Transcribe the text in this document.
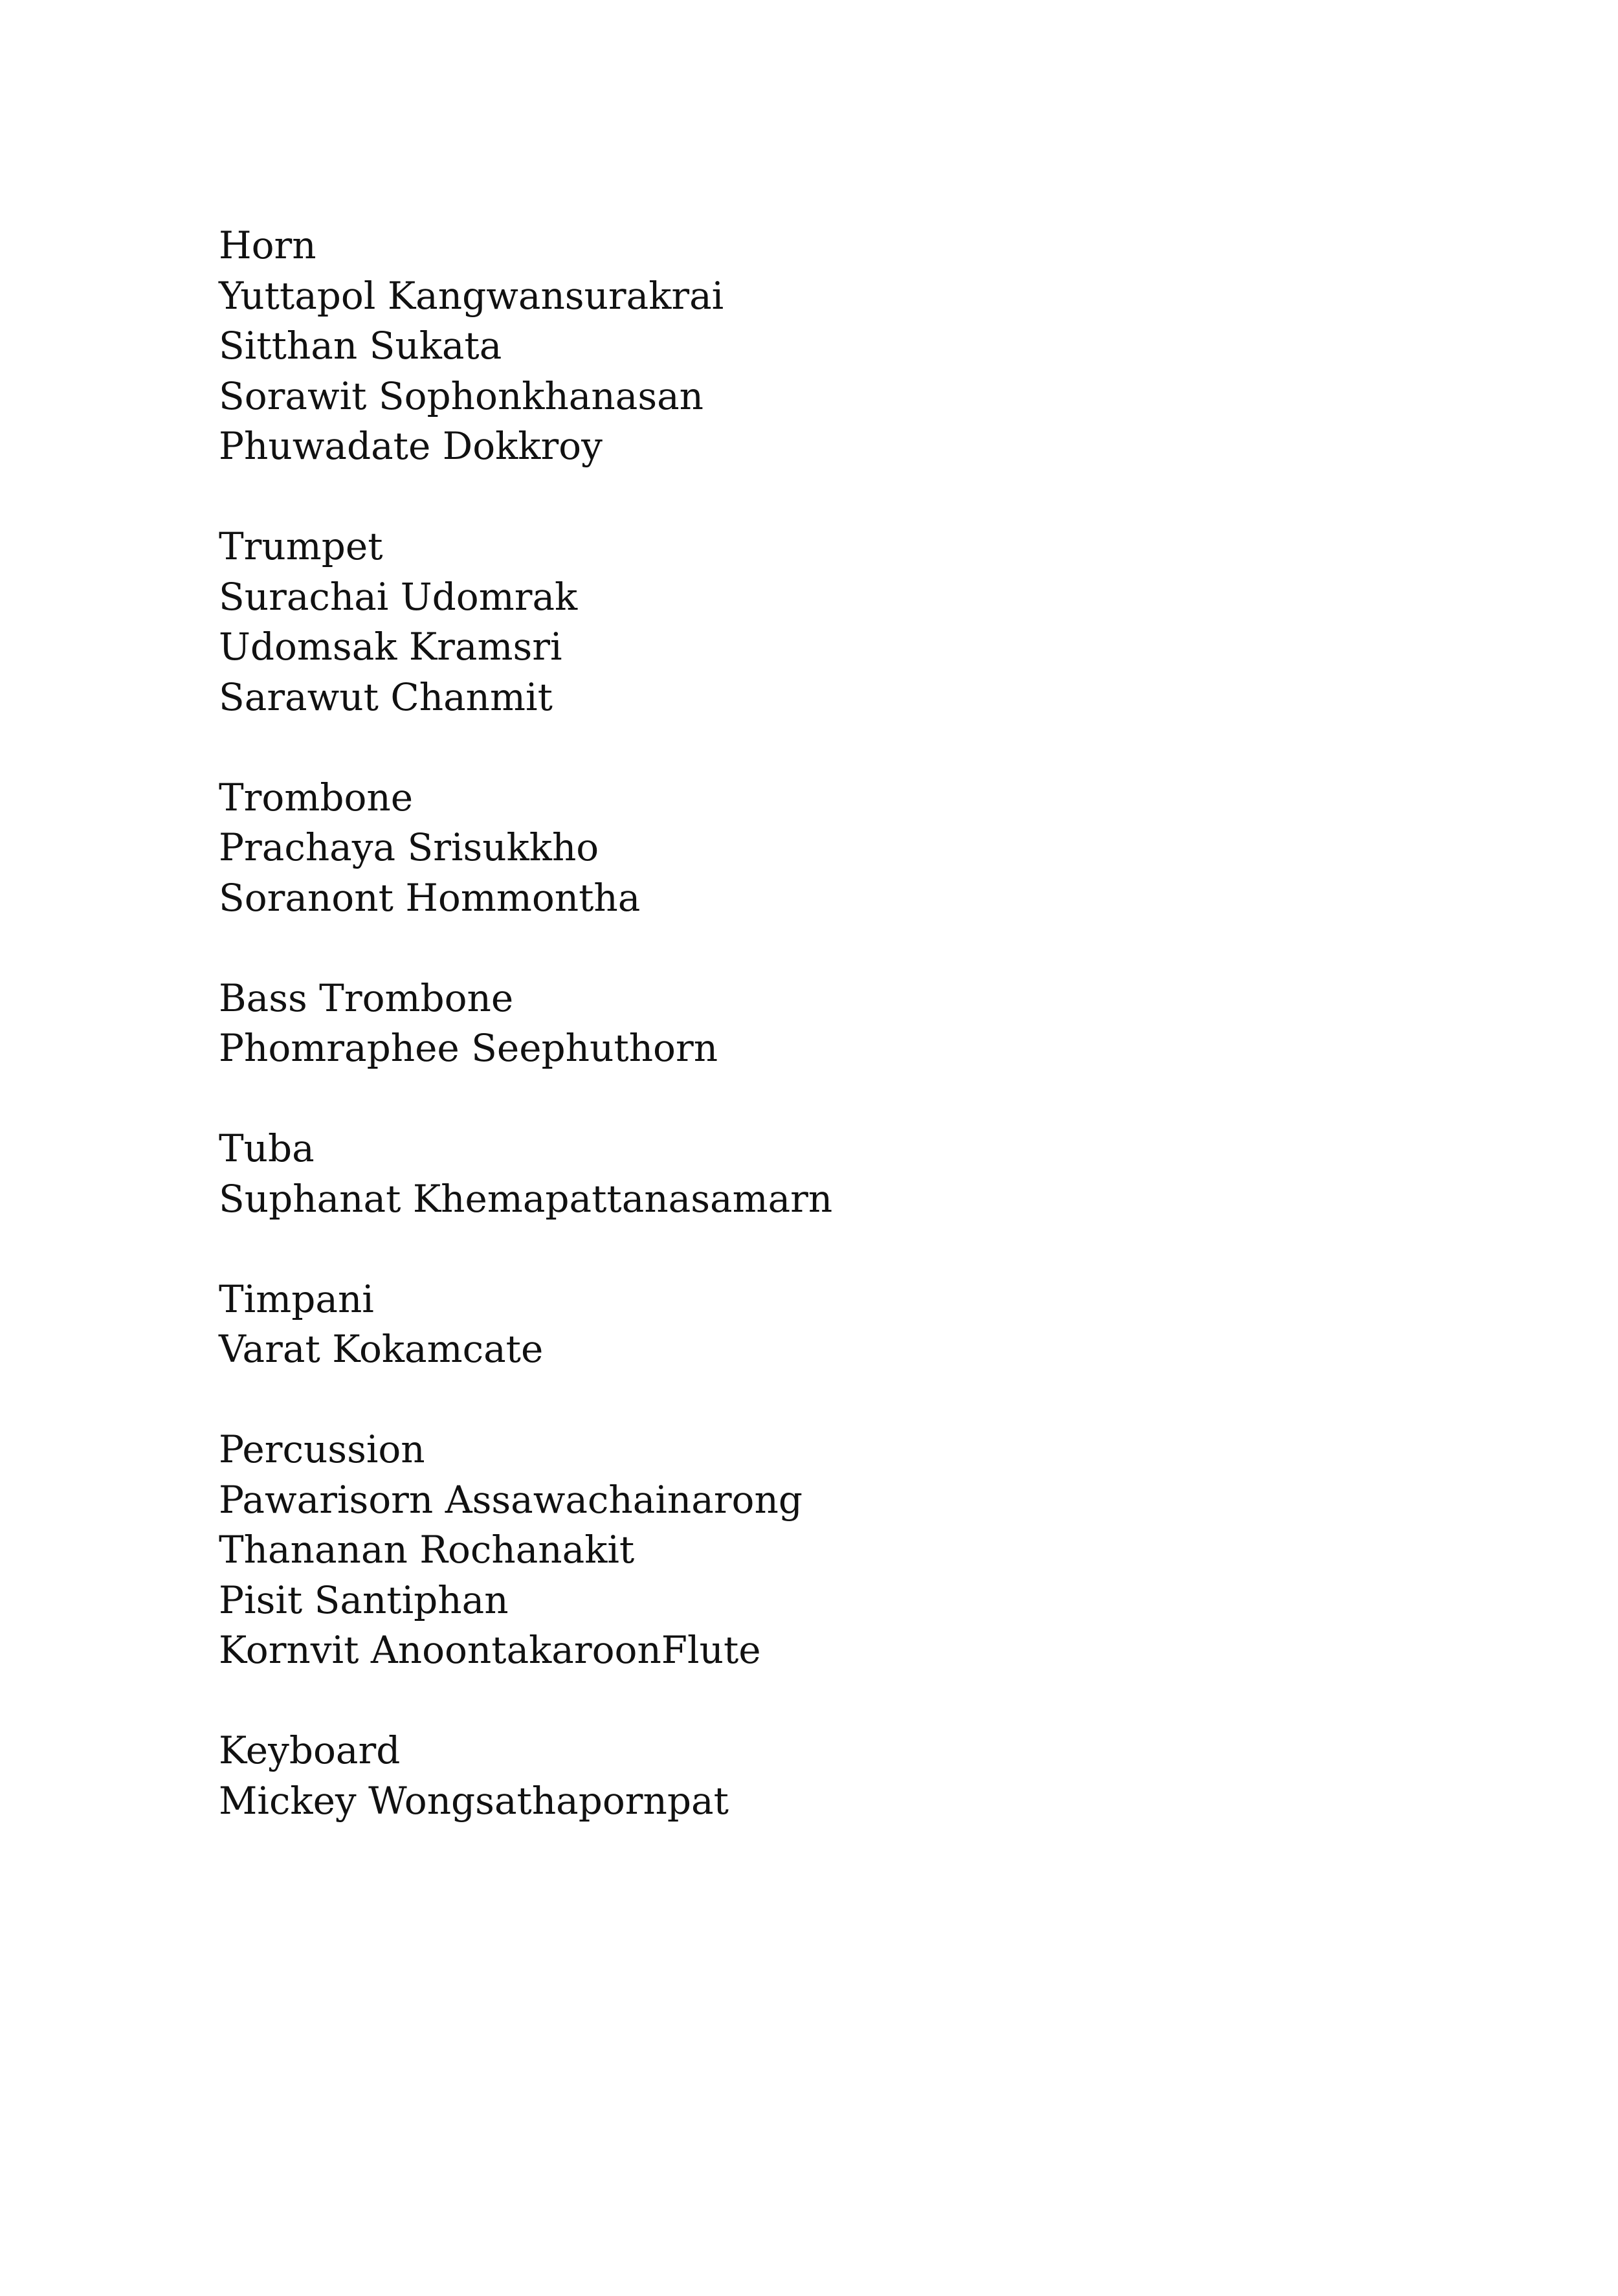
Horn
Yuttapol Kangwansurakrai
Sitthan Sukata
Sorawit Sophonkhanasan
Phuwadate Dokkroy
Trumpet
Surachai Udomrak
Udomsak Kramsri
Sarawut Chanmit
Trombone
Prachaya Srisukkho
Soranont Hommontha
Bass Trombone
Phomraphee Seephuthorn
Tuba
Suphanat Khemapattanasamarn
Timpani
Varat Kokamcate
Percussion
Pawarisorn Assawachainarong
Thananan Rochanakit
Pisit Santiphan
Kornvit AnoontakaroonFlute
Keyboard
Mickey Wongsathapornpat
